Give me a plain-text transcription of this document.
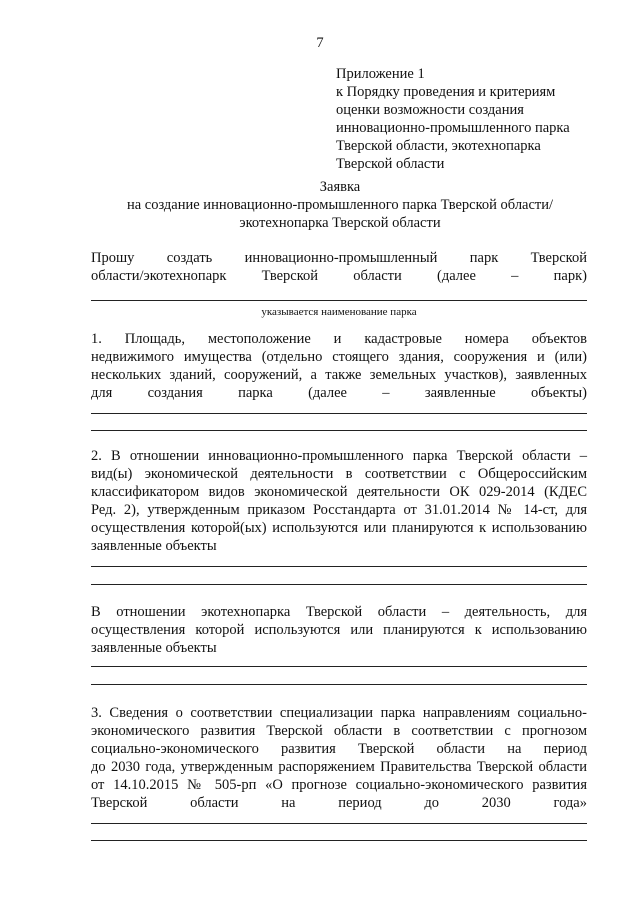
7
Приложение 1
к Порядку проведения и критериям
оценки возможности создания
инновационно-промышленного парка
Тверской области, экотехнопарка
Тверской области
Заявка
на создание инновационно-промышленного парка Тверской области/
экотехнопарка Тверской области
Прошу создать инновационно-промышленный парк Тверской
области/экотехнопарк Тверской области (далее – парк)
указывается наименование парка
1. Площадь, местоположение и кадастровые номера объектов
недвижимого имущества (отдельно стоящего здания, сооружения и (или)
нескольких зданий, сооружений, а также земельных участков), заявленных
для создания парка (далее – заявленные объекты)
2. В отношении инновационно-промышленного парка Тверской области –
вид(ы) экономической деятельности в соответствии с Общероссийским
классификатором видов экономической деятельности ОК 029-2014 (КДЕС
Ред. 2), утвержденным приказом Росстандарта от 31.01.2014 № 14-ст, для
осуществления которой(ых) используются или планируются к использованию
заявленные объекты
В отношении экотехнопарка Тверской области – деятельность, для
осуществления которой используются или планируются к использованию
заявленные объекты
3. Сведения о соответствии специализации парка направлениям социально-
экономического развития Тверской области в соответствии с прогнозом
социально-экономического развития Тверской области на период
до 2030 года, утвержденным распоряжением Правительства Тверской области
от 14.10.2015 № 505-рп «О прогнозе социально-экономического развития
Тверской области на период до 2030 года»
